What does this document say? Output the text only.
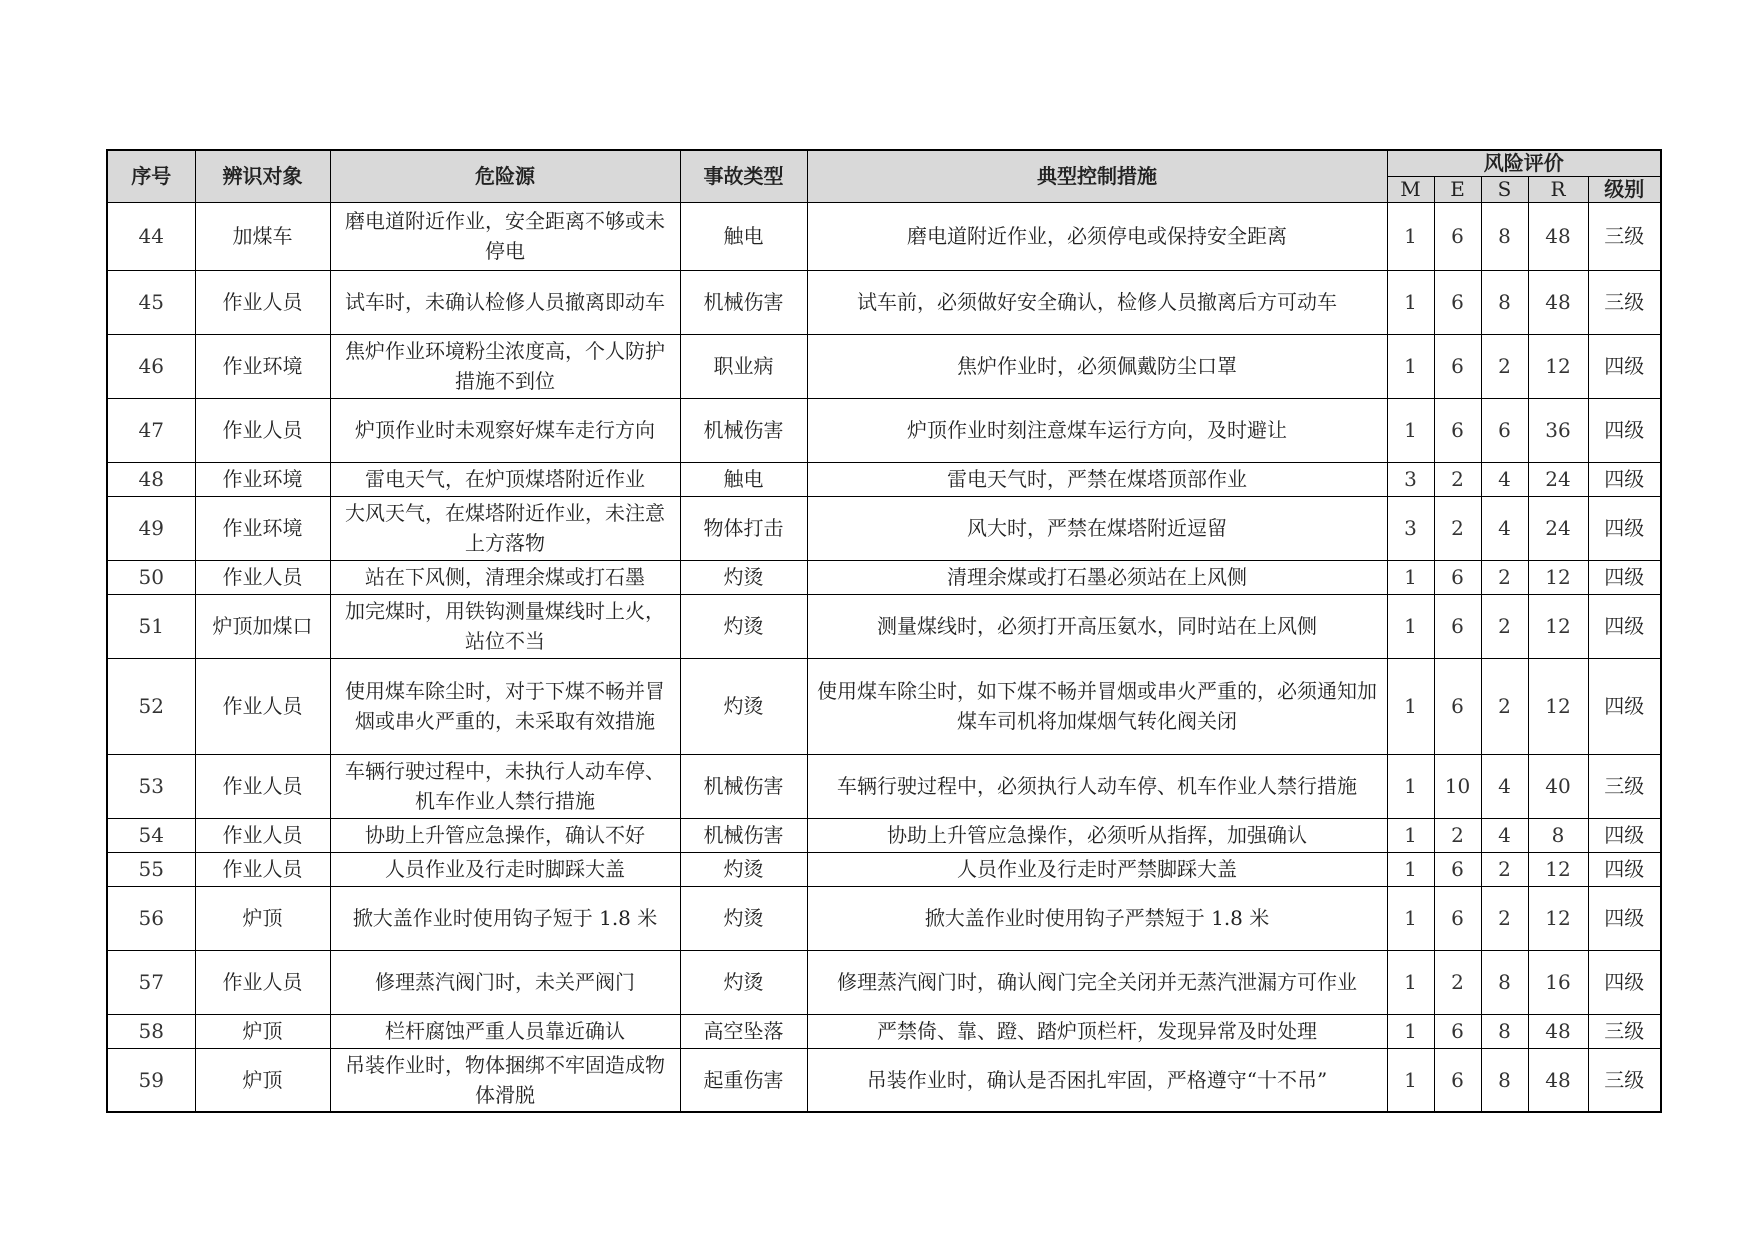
序号	辨识对象	危险源	事故类型	典型控制措施	风险评价				
					M	E	S	R	级别
44	加煤车	磨电道附近作业，安全距离不够或未停电	触电	磨电道附近作业，必须停电或保持安全距离	1	6	8	48	三级
45	作业人员	试车时，未确认检修人员撤离即动车	机械伤害	试车前，必须做好安全确认，检修人员撤离后方可动车	1	6	8	48	三级
46	作业环境	焦炉作业环境粉尘浓度高，个人防护措施不到位	职业病	焦炉作业时，必须佩戴防尘口罩	1	6	2	12	四级
47	作业人员	炉顶作业时未观察好煤车走行方向	机械伤害	炉顶作业时刻注意煤车运行方向，及时避让	1	6	6	36	四级
48	作业环境	雷电天气，在炉顶煤塔附近作业	触电	雷电天气时，严禁在煤塔顶部作业	3	2	4	24	四级
49	作业环境	大风天气，在煤塔附近作业，未注意上方落物	物体打击	风大时，严禁在煤塔附近逗留	3	2	4	24	四级
50	作业人员	站在下风侧，清理余煤或打石墨	灼烫	清理余煤或打石墨必须站在上风侧	1	6	2	12	四级
51	炉顶加煤口	加完煤时，用铁钩测量煤线时上火，站位不当	灼烫	测量煤线时，必须打开高压氨水，同时站在上风侧	1	6	2	12	四级
52	作业人员	使用煤车除尘时，对于下煤不畅并冒烟或串火严重的，未采取有效措施	灼烫	使用煤车除尘时，如下煤不畅并冒烟或串火严重的，必须通知加煤车司机将加煤烟气转化阀关闭	1	6	2	12	四级
53	作业人员	车辆行驶过程中，未执行人动车停、机车作业人禁行措施	机械伤害	车辆行驶过程中，必须执行人动车停、机车作业人禁行措施	1	10	4	40	三级
54	作业人员	协助上升管应急操作，确认不好	机械伤害	协助上升管应急操作，必须听从指挥，加强确认	1	2	4	8	四级
55	作业人员	人员作业及行走时脚踩大盖	灼烫	人员作业及行走时严禁脚踩大盖	1	6	2	12	四级
56	炉顶	掀大盖作业时使用钩子短于 1.8 米	灼烫	掀大盖作业时使用钩子严禁短于 1.8 米	1	6	2	12	四级
57	作业人员	修理蒸汽阀门时，未关严阀门	灼烫	修理蒸汽阀门时，确认阀门完全关闭并无蒸汽泄漏方可作业	1	2	8	16	四级
58	炉顶	栏杆腐蚀严重人员靠近确认	高空坠落	严禁倚、靠、蹬、踏炉顶栏杆，发现异常及时处理	1	6	8	48	三级
59	炉顶	吊装作业时，物体捆绑不牢固造成物体滑脱	起重伤害	吊装作业时，确认是否困扎牢固，严格遵守“十不吊”	1	6	8	48	三级
